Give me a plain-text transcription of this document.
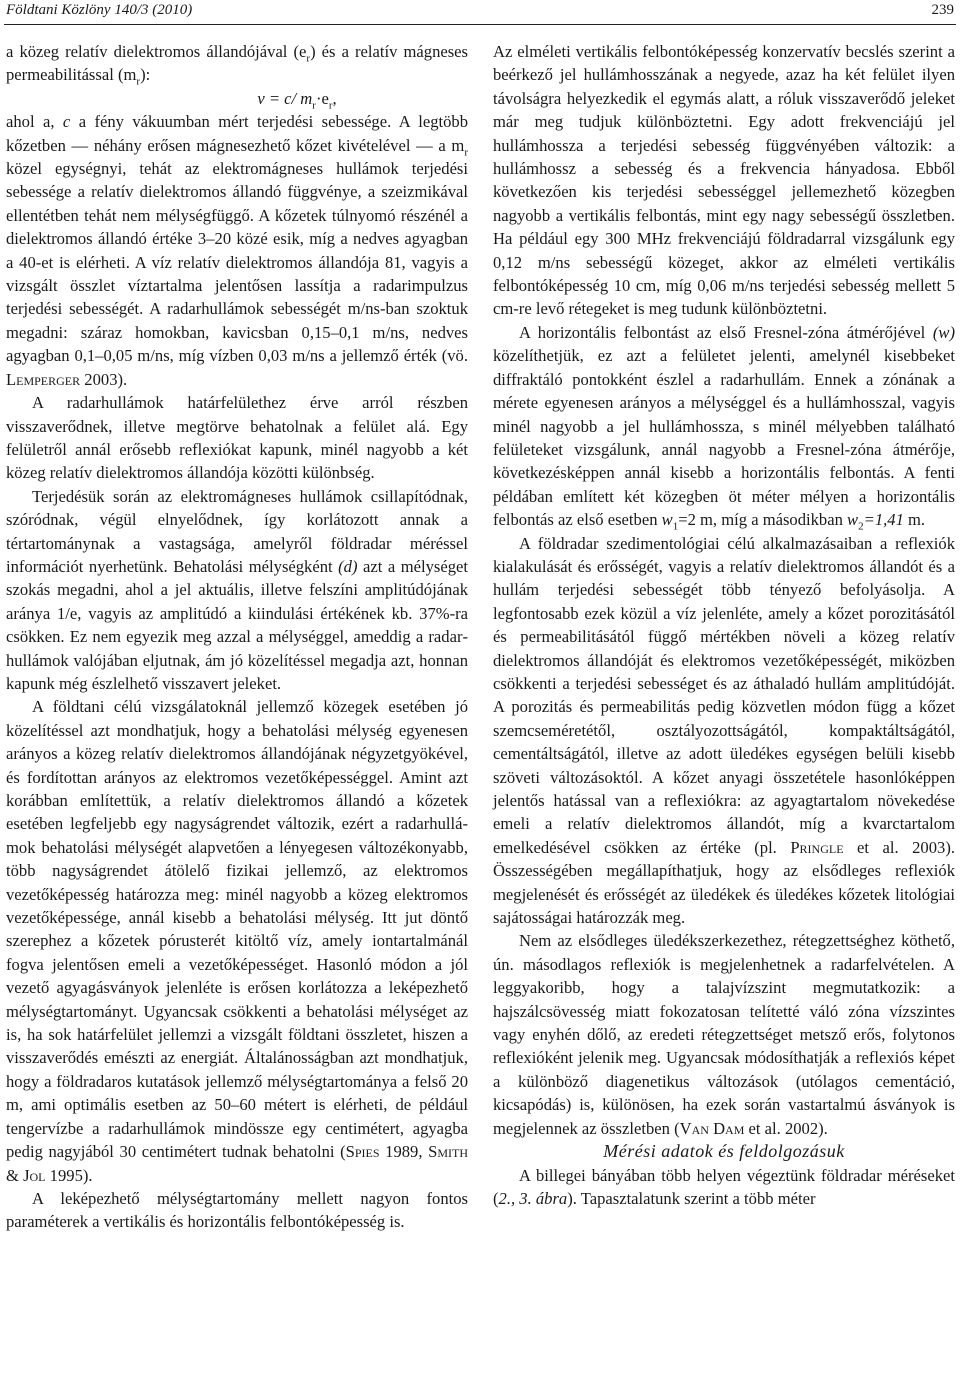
Földtani Közlöny 140/3 (2010)	239

a közeg relatív dielektromos állandójával $(e_r)$ és a relatív mágneses permeabilitással $(m_r)$:
v = c/ $m_r\cdot e_r$,
ahol a, c a fény vákuumban mért terjedési sebessége. A legtöbb kőzetben — néhány erősen mágnesezhető kőzet kivételével — a $m_r$ közel egységnyi, tehát az elektromágneses hullámok terjedési sebessége a relatív dielektromos állandó függvénye, a szeizmikával ellentétben tehát nem mélységfüggő. A kőzetek túlnyomó részénél a dielektromos állandó értéke 3–20 közé esik, míg a nedves agyagban a 40-et is elérheti. A víz relatív dielektromos állandója 81, vagyis a vizsgált összlet víztartalma jelentősen lassítja a radarimpulzus terjedési sebességét. A radarhullámok sebességét m/ns-ban szoktuk megadni: száraz homokban, kavicsban 0,15–0,1 m/ns, nedves agyagban 0,1–0,05 m/ns, míg vízben 0,03 m/ns a jellemző érték (vö. Lemperger 2003).

A radarhullámok határfelülethez érve arról részben visszaverődnek, illetve megtörve behatolnak a felület alá. Egy felületről annál erősebb reflexiókat kapunk, minél nagyobb a két közeg relatív dielektromos állandója közötti különbség.

Terjedésük során az elektromágneses hullámok csillapítódnak, szóródnak, végül elnyelődnek, így korlátozott annak a tértartománynak a vastagsága, amelyről földradar méréssel információt nyerhetünk. Behatolási mélységként (d) azt a mélységet szokás megadni, ahol a jel aktuális, illetve felszíni amplitúdójának aránya 1/e, vagyis az amplitúdó a kiindulási értékének kb. 37%-ra csökken. Ez nem egyezik meg azzal a mélységgel, ameddig a radarhullámok valójában eljutnak, ám jó közelítéssel megadja azt, honnan kapunk még észlelhető visszavert jeleket.

A földtani célú vizsgálatoknál jellemző közegek esetében jó közelítéssel azt mondhatjuk, hogy a behatolási mélység egyenesen arányos a közeg relatív dielektromos állandójának négyzetgyökével, és fordítottan arányos az elektromos vezetőképességgel. Amint azt korábban említettük, a relatív dielektromos állandó a kőzetek esetében legfeljebb egy nagyságrendet változik, ezért a radarhullámok behatolási mélységét alapvetően a lényegesen változékonyabb, több nagyságrendet átölelő fizikai jellemző, az elektromos vezetőképesség határozza meg: minél nagyobb a közeg elektromos vezetőképessége, annál kisebb a behatolási mélység. Itt jut döntő szerephez a kőzetek pórusterét kitöltő víz, amely iontartalmánál fogva jelentősen emeli a vezetőképességet. Hasonló módon a jól vezető agyagásványok jelenléte is erősen korlátozza a leképezhető mélységtartományt. Ugyancsak csökkenti a behatolási mélységet az is, ha sok határfelület jellemzi a vizsgált földtani összletet, hiszen a visszaverődés emészti az energiát. Általánosságban azt mondhatjuk, hogy a földradaros kutatások jellemző mélységtartománya a felső 20 m, ami optimális esetben az 50–60 métert is elérheti, de például tengervízbe a radarhullámok mindössze egy centimétert, agyagba pedig nagyjából 30 centimétert tudnak behatolni (Spies 1989, Smith & Jol 1995).

A leképezhető mélységtartomány mellett nagyon fontos paraméterek a vertikális és horizontális felbontóképesség is.

Az elméleti vertikális felbontóképesség konzervatív becslés szerint a beérkező jel hullámhosszának a negyede, azaz ha két felület ilyen távolságra helyezkedik el egymás alatt, a róluk visszaverődő jeleket már meg tudjuk különböztetni. Egy adott frekvenciájú jel hullámhossza a terjedési sebesség függvényében változik: a hullámhossz a sebesség és a frekvencia hányadosa. Ebből következően kis terjedési sebességgel jellemezhető közegben nagyobb a vertikális felbontás, mint egy nagy sebességű összletben. Ha például egy 300 MHz frekvenciájú földradarral vizsgálunk egy 0,12 m/ns sebességű közeget, akkor az elméleti vertikális felbontóképesség 10 cm, míg 0,06 m/ns terjedési sebesség mellett 5 cm-re levő rétegeket is meg tudunk különböztetni.

A horizontális felbontást az első Fresnel-zóna átmérőjével (w) közelíthetjük, ez azt a felületet jelenti, amelynél kisebbeket diffraktáló pontokként észlel a radarhullám. Ennek a zónának a mérete egyenesen arányos a mélységgel és a hullámhosszal, vagyis minél nagyobb a jel hullámhossza, s minél mélyebben található felületeket vizsgálunk, annál nagyobb a Fresnel-zóna átmérője, következésképpen annál kisebb a horizontális felbontás. A fenti példában említett két közegben öt méter mélyen a horizontális felbontás az első esetben $w_1=2$ m, míg a másodikban $w_2=1,41$ m.

A földradar szedimentológiai célú alkalmazásaiban a reflexiók kialakulását és erősségét, vagyis a relatív dielektromos állandót és a hullám terjedési sebességét több tényező befolyásolja. A legfontosabb ezek közül a víz jelenléte, amely a kőzet porozitásától és permeabilitásától függő mértékben növeli a közeg relatív dielektromos állandóját és elektromos vezetőképességét, miközben csökkenti a terjedési sebességet és az áthaladó hullám amplitúdóját. A porozitás és permeabilitás pedig közvetlen módon függ a kőzet szemcseméretétől, osztályozottságától, kompaktáltságától, cementáltságától, illetve az adott üledékes egységen belüli kisebb szöveti változásoktól. A kőzet anyagi összetétele hasonlóképpen jelentős hatással van a reflexiókra: az agyagtartalom növekedése emeli a relatív dielektromos állandót, míg a kvarctartalom emelkedésével csökken az értéke (pl. Pringle et al. 2003). Összességében megállapíthatjuk, hogy az elsődleges reflexiók megjelenését és erősségét az üledékek és üledékes kőzetek litológiai sajátosságai határozzák meg.

Nem az elsődleges üledékszerkezethez, rétegzettséghez köthető, ún. másodlagos reflexiók is megjelenhetnek a radarfelvételen. A leggyakoribb, hogy a talajvízszint megmutatkozik: a hajszálcsövesség miatt fokozatosan telítetté váló zóna vízszintes vagy enyhén dőlő, az eredeti rétegzettséget metsző erős, folytonos reflexióként jelenik meg. Ugyancsak módosíthatják a reflexiós képet a különböző diagenetikus változások (utólagos cementáció, kicsapódás) is, különösen, ha ezek során vastartalmú ásványok is megjelennek az összletben (Van Dam et al. 2002).

Mérési adatok és feldolgozásuk

A billegei bányában több helyen végeztünk földradar méréseket (2., 3. ábra). Tapasztalatunk szerint a több méter
